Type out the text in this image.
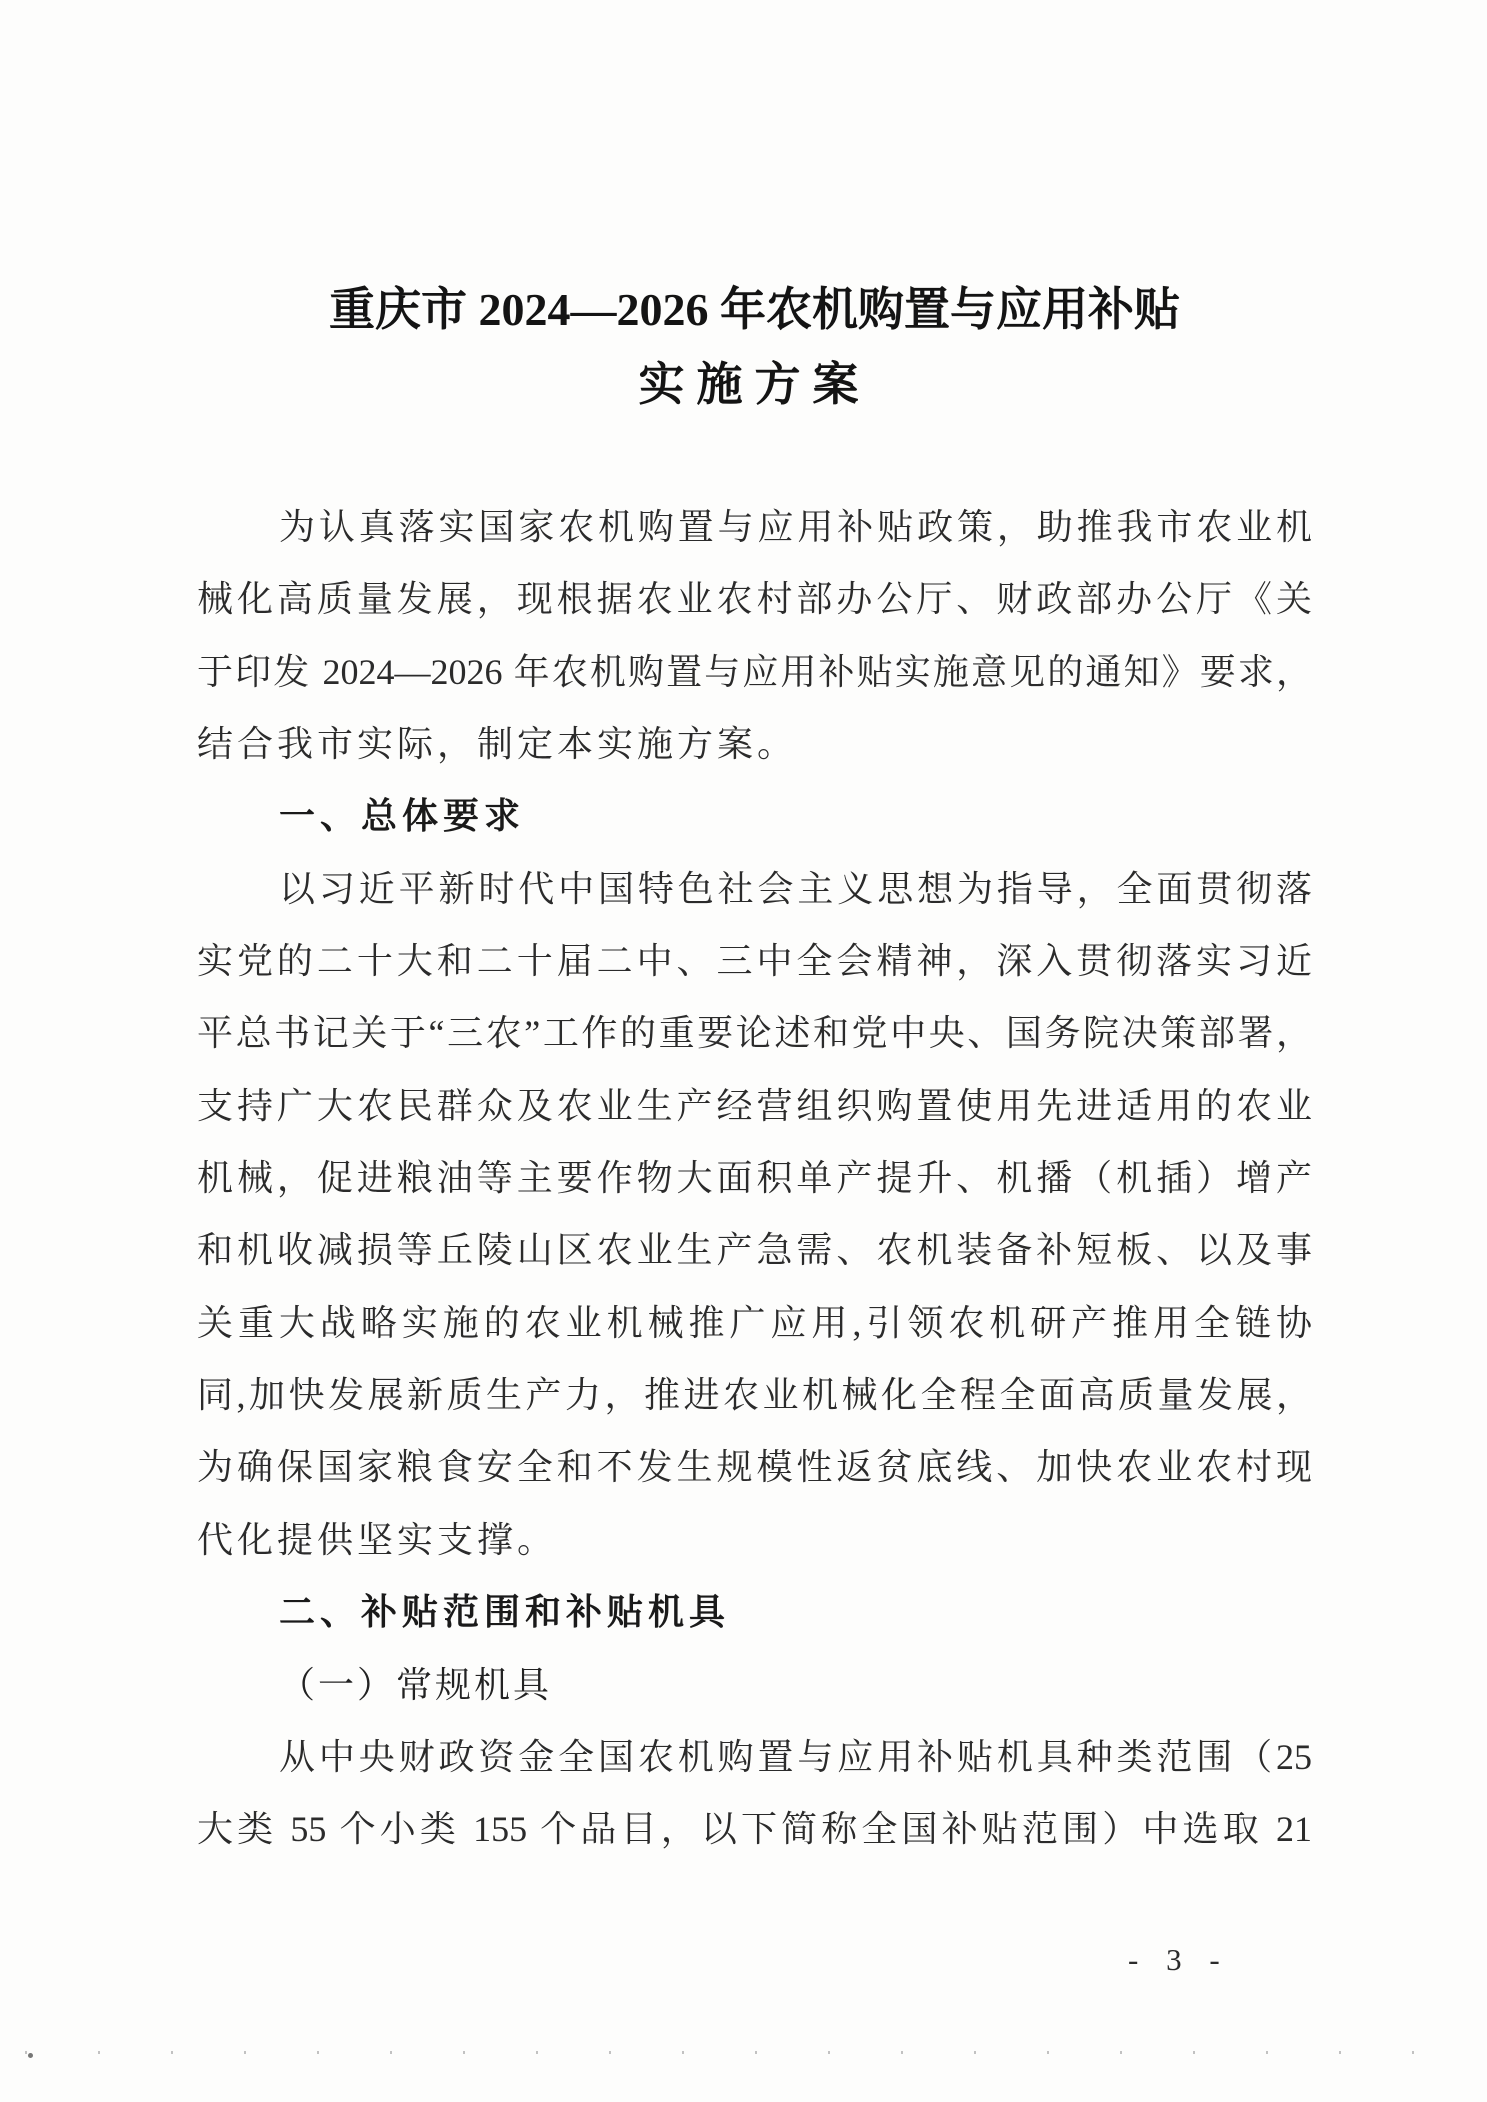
重庆市 2024—2026 年农机购置与应用补贴
实施方案
为认真落实国家农机购置与应用补贴政策，助推我市农业机
械化高质量发展，现根据农业农村部办公厅、财政部办公厅《关
于印发 2024—2026 年农机购置与应用补贴实施意见的通知》要求，
结合我市实际，制定本实施方案。
一、总体要求
以习近平新时代中国特色社会主义思想为指导，全面贯彻落
实党的二十大和二十届二中、三中全会精神，深入贯彻落实习近
平总书记关于“三农”工作的重要论述和党中央、国务院决策部署，
支持广大农民群众及农业生产经营组织购置使用先进适用的农业
机械，促进粮油等主要作物大面积单产提升、机播（机插）增产
和机收减损等丘陵山区农业生产急需、农机装备补短板、以及事
关重大战略实施的农业机械推广应用,引领农机研产推用全链协
同,加快发展新质生产力，推进农业机械化全程全面高质量发展，
为确保国家粮食安全和不发生规模性返贫底线、加快农业农村现
代化提供坚实支撑。
二、补贴范围和补贴机具
（一）常规机具
从中央财政资金全国农机购置与应用补贴机具种类范围（25
大类 55 个小类 155 个品目，以下简称全国补贴范围）中选取 21
- 3 -
